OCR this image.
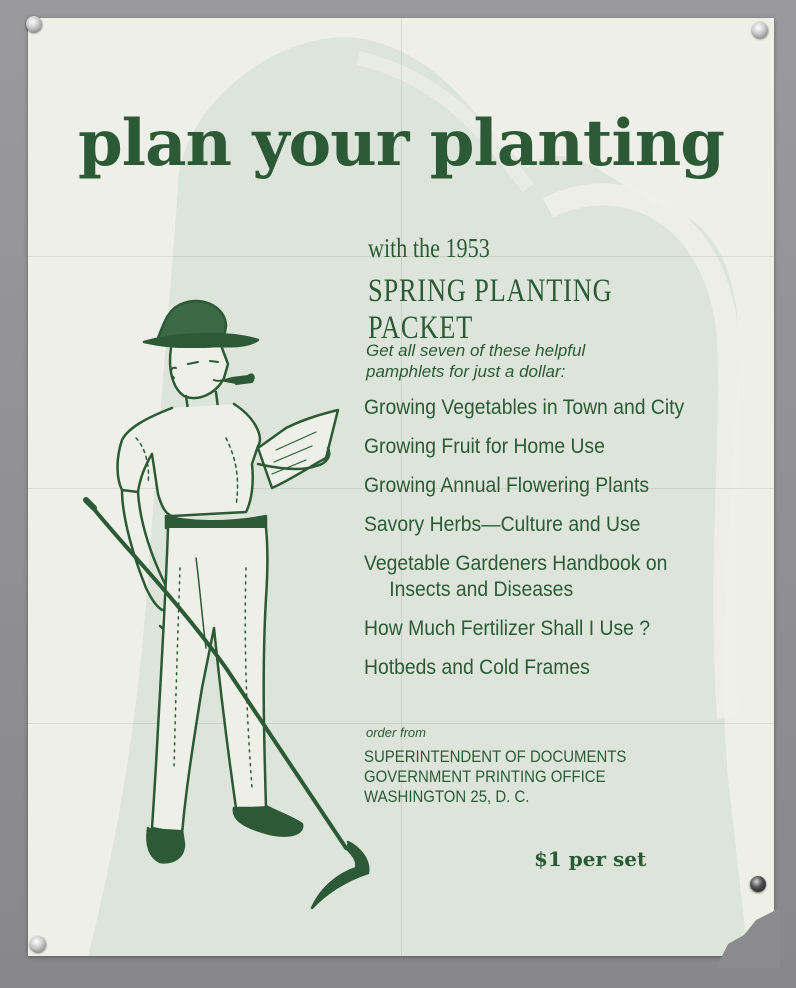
plan your planting
with the 1953
SPRING PLANTING PACKET
Get all seven of these helpful
pamphlets for just a dollar:
Growing Vegetables in Town and City
Growing Fruit for Home Use
Growing Annual Flowering Plants
Savory Herbs—Culture and Use
Vegetable Gardeners Handbook on
Insects and Diseases
How Much Fertilizer Shall I Use ?
Hotbeds and Cold Frames
order from
SUPERINTENDENT OF DOCUMENTS
GOVERNMENT PRINTING OFFICE
WASHINGTON 25, D. C.
$1 per set
